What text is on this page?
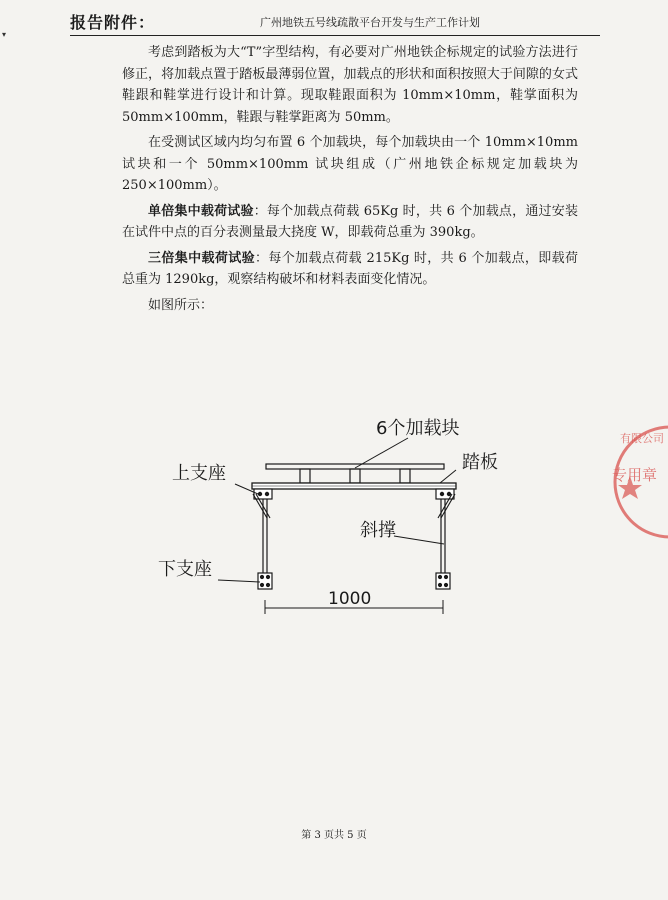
▾
报告附件：	广州地铁五号线疏散平台开发与生产工作计划

考虑到踏板为大“T”字型结构，有必要对广州地铁企标规定的试验方法进行修正，将加载点置于踏板最薄弱位置，加载点的形状和面积按照大于间隙的女式鞋跟和鞋掌进行设计和计算。现取鞋跟面积为 10mm×10mm，鞋掌面积为 50mm×100mm，鞋跟与鞋掌距离为 50mm。

在受测试区域内均匀布置 6 个加载块，每个加载块由一个 10mm×10mm 试块和一个 50mm×100mm 试块组成（广州地铁企标规定加载块为 250×100mm）。

单倍集中载荷试验：每个加载点荷载 65Kg 时，共 6 个加载点，通过安装在试件中点的百分表测量最大挠度 W，即载荷总重为 390kg。

三倍集中载荷试验：每个加载点荷载 215Kg 时，共 6 个加载点，即载荷总重为 1290kg，观察结构破坏和材料表面变化情况。

如图所示：

6个加载块
踏板
上支座
斜撑
下支座
1000
有限公司
专用章
第 3 页共 5 页
